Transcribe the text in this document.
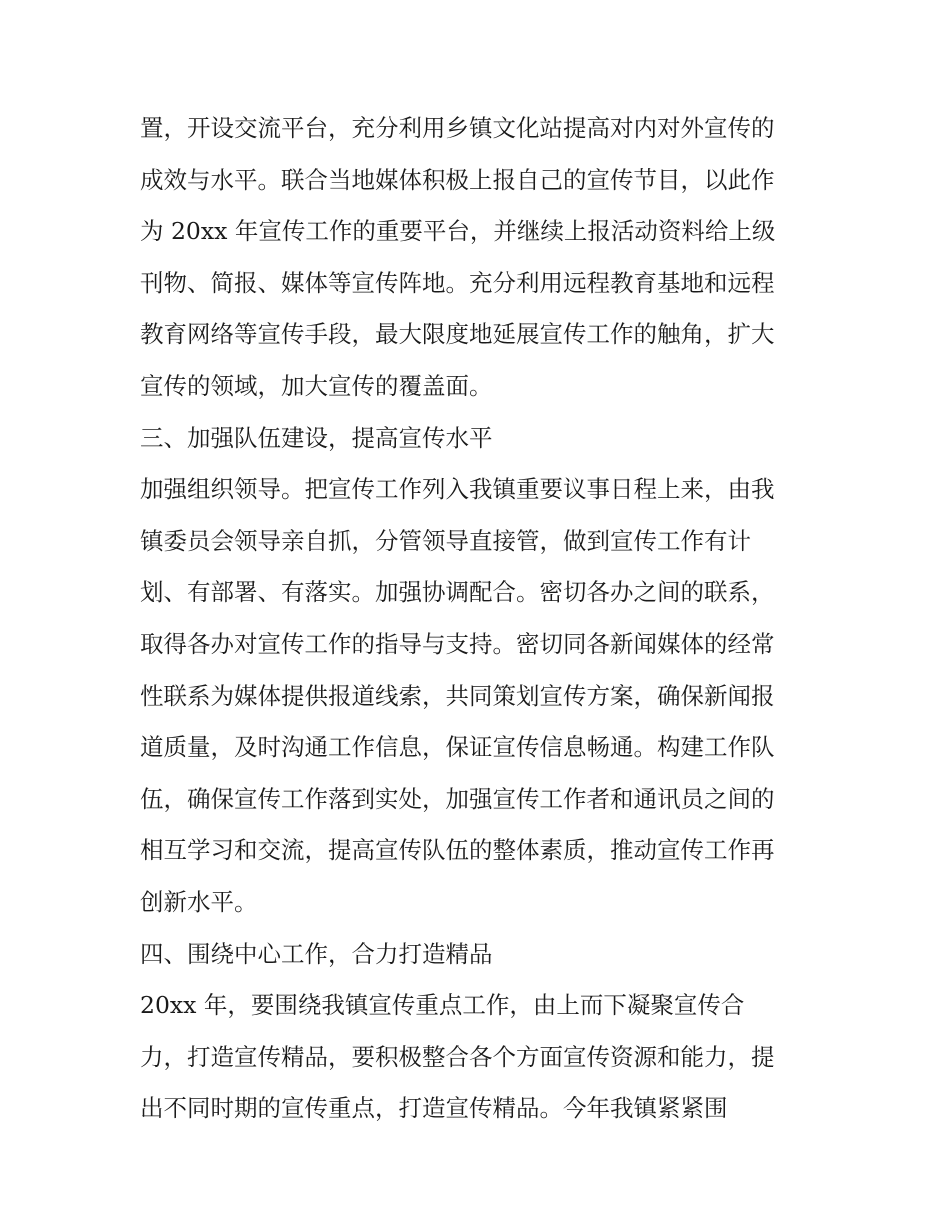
置，开设交流平台，充分利用乡镇文化站提高对内对外宣传的
成效与水平。联合当地媒体积极上报自己的宣传节目，以此作
为 20xx 年宣传工作的重要平台，并继续上报活动资料给上级
刊物、简报、媒体等宣传阵地。充分利用远程教育基地和远程
教育网络等宣传手段，最大限度地延展宣传工作的触角，扩大
宣传的领域，加大宣传的覆盖面。
三、加强队伍建设，提高宣传水平
加强组织领导。把宣传工作列入我镇重要议事日程上来，由我
镇委员会领导亲自抓，分管领导直接管，做到宣传工作有计
划、有部署、有落实。加强协调配合。密切各办之间的联系，
取得各办对宣传工作的指导与支持。密切同各新闻媒体的经常
性联系为媒体提供报道线索，共同策划宣传方案，确保新闻报
道质量，及时沟通工作信息，保证宣传信息畅通。构建工作队
伍，确保宣传工作落到实处，加强宣传工作者和通讯员之间的
相互学习和交流，提高宣传队伍的整体素质，推动宣传工作再
创新水平。
四、围绕中心工作，合力打造精品
20xx 年，要围绕我镇宣传重点工作，由上而下凝聚宣传合
力，打造宣传精品，要积极整合各个方面宣传资源和能力，提
出不同时期的宣传重点，打造宣传精品。今年我镇紧紧围
